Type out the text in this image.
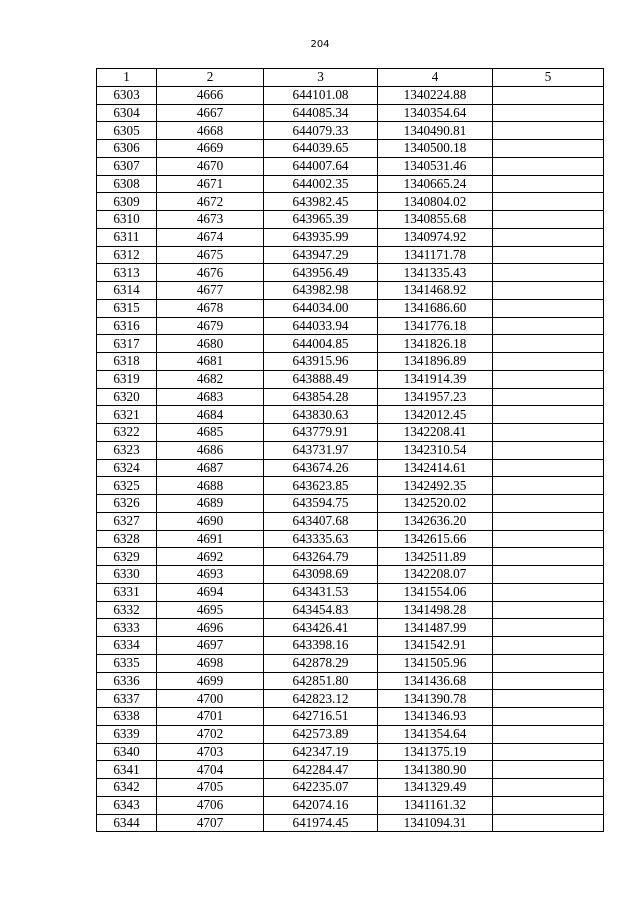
204
1	2	3	4	5
6303	4666	644101.08	1340224.88	
6304	4667	644085.34	1340354.64	
6305	4668	644079.33	1340490.81	
6306	4669	644039.65	1340500.18	
6307	4670	644007.64	1340531.46	
6308	4671	644002.35	1340665.24	
6309	4672	643982.45	1340804.02	
6310	4673	643965.39	1340855.68	
6311	4674	643935.99	1340974.92	
6312	4675	643947.29	1341171.78	
6313	4676	643956.49	1341335.43	
6314	4677	643982.98	1341468.92	
6315	4678	644034.00	1341686.60	
6316	4679	644033.94	1341776.18	
6317	4680	644004.85	1341826.18	
6318	4681	643915.96	1341896.89	
6319	4682	643888.49	1341914.39	
6320	4683	643854.28	1341957.23	
6321	4684	643830.63	1342012.45	
6322	4685	643779.91	1342208.41	
6323	4686	643731.97	1342310.54	
6324	4687	643674.26	1342414.61	
6325	4688	643623.85	1342492.35	
6326	4689	643594.75	1342520.02	
6327	4690	643407.68	1342636.20	
6328	4691	643335.63	1342615.66	
6329	4692	643264.79	1342511.89	
6330	4693	643098.69	1342208.07	
6331	4694	643431.53	1341554.06	
6332	4695	643454.83	1341498.28	
6333	4696	643426.41	1341487.99	
6334	4697	643398.16	1341542.91	
6335	4698	642878.29	1341505.96	
6336	4699	642851.80	1341436.68	
6337	4700	642823.12	1341390.78	
6338	4701	642716.51	1341346.93	
6339	4702	642573.89	1341354.64	
6340	4703	642347.19	1341375.19	
6341	4704	642284.47	1341380.90	
6342	4705	642235.07	1341329.49	
6343	4706	642074.16	1341161.32	
6344	4707	641974.45	1341094.31	
